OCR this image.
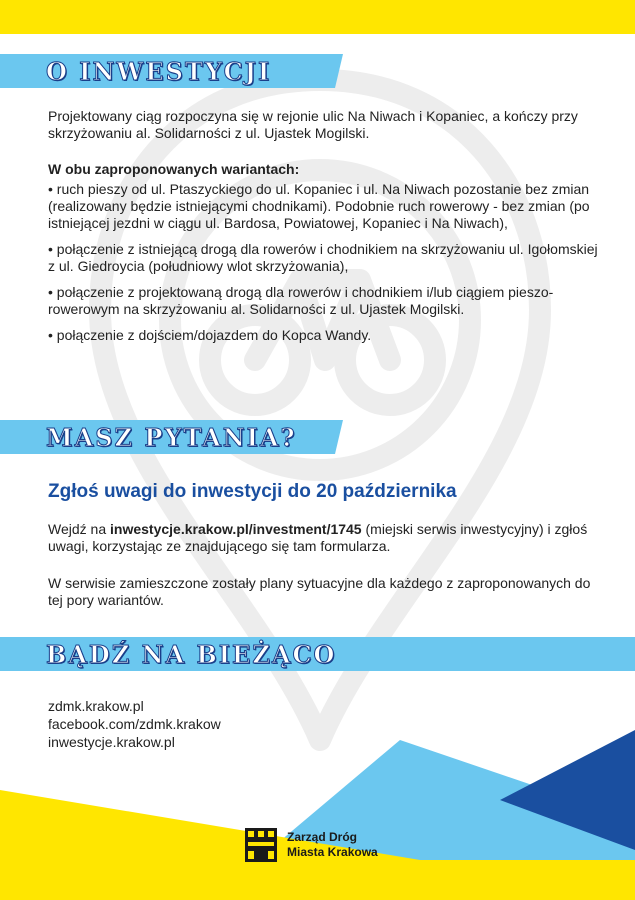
O INWESTYCJI
Projektowany ciąg rozpoczyna się w rejonie ulic Na Niwach i Kopaniec, a kończy przy skrzyżowaniu al. Solidarności z ul. Ujastek Mogilski.
W obu zaproponowanych wariantach:

• ruch pieszy od ul. Ptaszyckiego do ul. Kopaniec i ul. Na Niwach pozostanie bez zmian (realizowany będzie istniejącymi chodnikami). Podobnie ruch rowerowy - bez zmian (po istniejącej jezdni w ciągu ul. Bardosa, Powiatowej, Kopaniec i Na Niwach),

• połączenie z istniejącą drogą dla rowerów i chodnikiem na skrzyżowaniu ul. Igołomskiej z ul. Giedroycia (południowy wlot skrzyżowania),

• połączenie z projektowaną drogą dla rowerów i chodnikiem i/lub ciągiem pieszo-rowerowym na skrzyżowaniu al. Solidarności z ul. Ujastek Mogilski.

• połączenie z dojściem/dojazdem do Kopca Wandy.

MASZ PYTANIA?
Zgłoś uwagi do inwestycji do 20 października
Wejdź na inwestycje.krakow.pl/investment/1745 (miejski serwis inwestycyjny) i zgłoś uwagi, korzystając ze znajdującego się tam formularza.
W serwisie zamieszczone zostały plany sytuacyjne dla każdego z zaproponowanych do tej pory wariantów.
BĄDŹ NA BIEŻĄCO

zdmk.krakow.pl

facebook.com/zdmk.krakow

inwestycje.krakow.pl

Zarząd Dróg
Miasta Krakowa
